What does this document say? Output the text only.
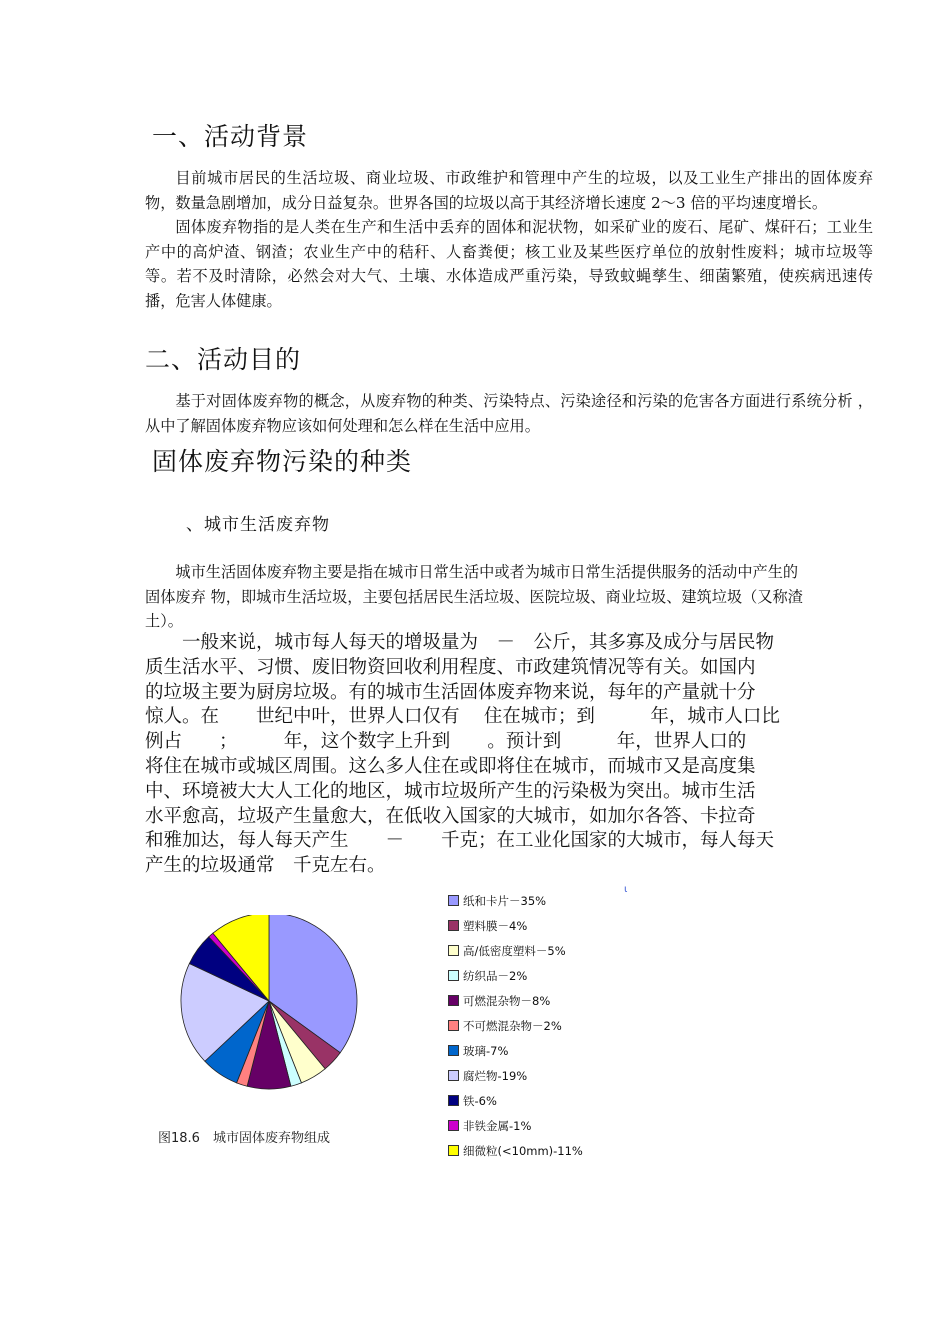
一、活动背景

目前城市居民的生活垃圾、商业垃圾、市政维护和管理中产生的垃圾，以及工业生产排出的固体废弃物，数量急剧增加，成分日益复杂。世界各国的垃圾以高于其经济增长速度 2～3 倍的平均速度增长。

固体废弃物指的是人类在生产和生活中丢弃的固体和泥状物，如采矿业的废石、尾矿、煤矸石；工业生产中的高炉渣、钢渣；农业生产中的秸秆、人畜粪便；核工业及某些医疗单位的放射性废料；城市垃圾等等。若不及时清除，必然会对大气、土壤、水体造成严重污染，导致蚊蝇孳生、细菌繁殖，使疾病迅速传播，危害人体健康。

二、活动目的

基于对固体废弃物的概念，从废弃物的种类、污染特点、污染途径和污染的危害各方面进行系统分析 ，从中了解固体废弃物应该如何处理和怎么样在生活中应用。

固体废弃物污染的种类
、城市生活废弃物

城市生活固体废弃物主要是指在城市日常生活中或者为城市日常生活提供服务的活动中产生的固体废弃 物，即城市生活垃圾，主要包括居民生活垃圾、医院垃圾、商业垃圾、建筑垃圾（又称渣土）。

　　一般来说，城市每人每天的增圾量为　－　公斤，其多寡及成分与居民物
质生活水平、习惯、废旧物资回收利用程度、市政建筑情况等有关。如国内
的垃圾主要为厨房垃圾。有的城市生活固体废弃物来说，每年的产量就十分
惊人。在　　世纪中叶，世界人口仅有　 住在城市；到　　　年，城市人口比
例占　　；　　　年，这个数字上升到　　。预计到　　　年，世界人口的
将住在城市或城区周围。这么多人住在或即将住在城市，而城市又是高度集
中、环境被大大人工化的地区，城市垃圾所产生的污染极为突出。城市生活
水平愈高，垃圾产生量愈大，在低收入国家的大城市，如加尔各答、卡拉奇
和雅加达，每人每天产生　　－　　千克；在工业化国家的大城市，每人每天
产生的垃圾通常　千克左右。
纸和卡片－35%
塑料膜－4%
高/低密度塑料－5%
纺织品－2%
可燃混杂物－8%
不可燃混杂物－2%
玻璃-7%
腐烂物-19%
铁-6%
非铁金属-1%
细微粒(<10mm)-11%
ι
图18.6　城市固体废弃物组成
